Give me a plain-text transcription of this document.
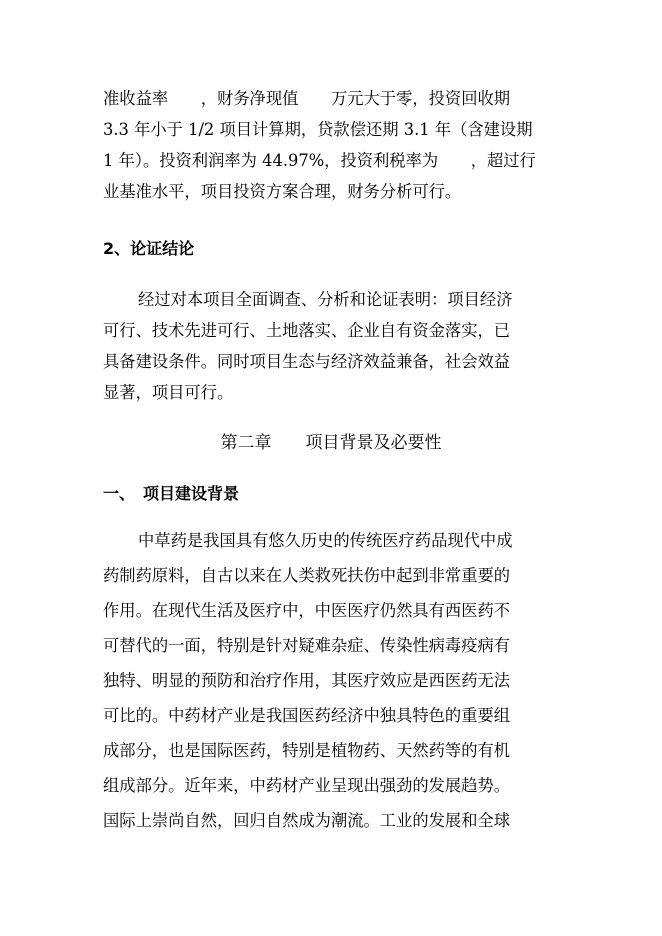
准收益率　　，财务净现值　　万元大于零，投资回收期
3.3 年小于 1/2 项目计算期，贷款偿还期 3.1 年（含建设期
1 年）。投资利润率为 44.97%，投资利税率为　　，超过行
业基准水平，项目投资方案合理，财务分析可行。
2、论证结论
经过对本项目全面调查、分析和论证表明：项目经济
可行、技术先进可行、土地落实、企业自有资金落实，已
具备建设条件。同时项目生态与经济效益兼备，社会效益
显著，项目可行。
第二章　　项目背景及必要性
一、　项目建设背景
中草药是我国具有悠久历史的传统医疗药品现代中成
药制药原料，自古以来在人类救死扶伤中起到非常重要的
作用。在现代生活及医疗中，中医医疗仍然具有西医药不
可替代的一面，特别是针对疑难杂症、传染性病毒疫病有
独特、明显的预防和治疗作用，其医疗效应是西医药无法
可比的。中药材产业是我国医药经济中独具特色的重要组
成部分，也是国际医药，特别是植物药、天然药等的有机
组成部分。近年来，中药材产业呈现出强劲的发展趋势。
国际上崇尚自然，回归自然成为潮流。工业的发展和全球
